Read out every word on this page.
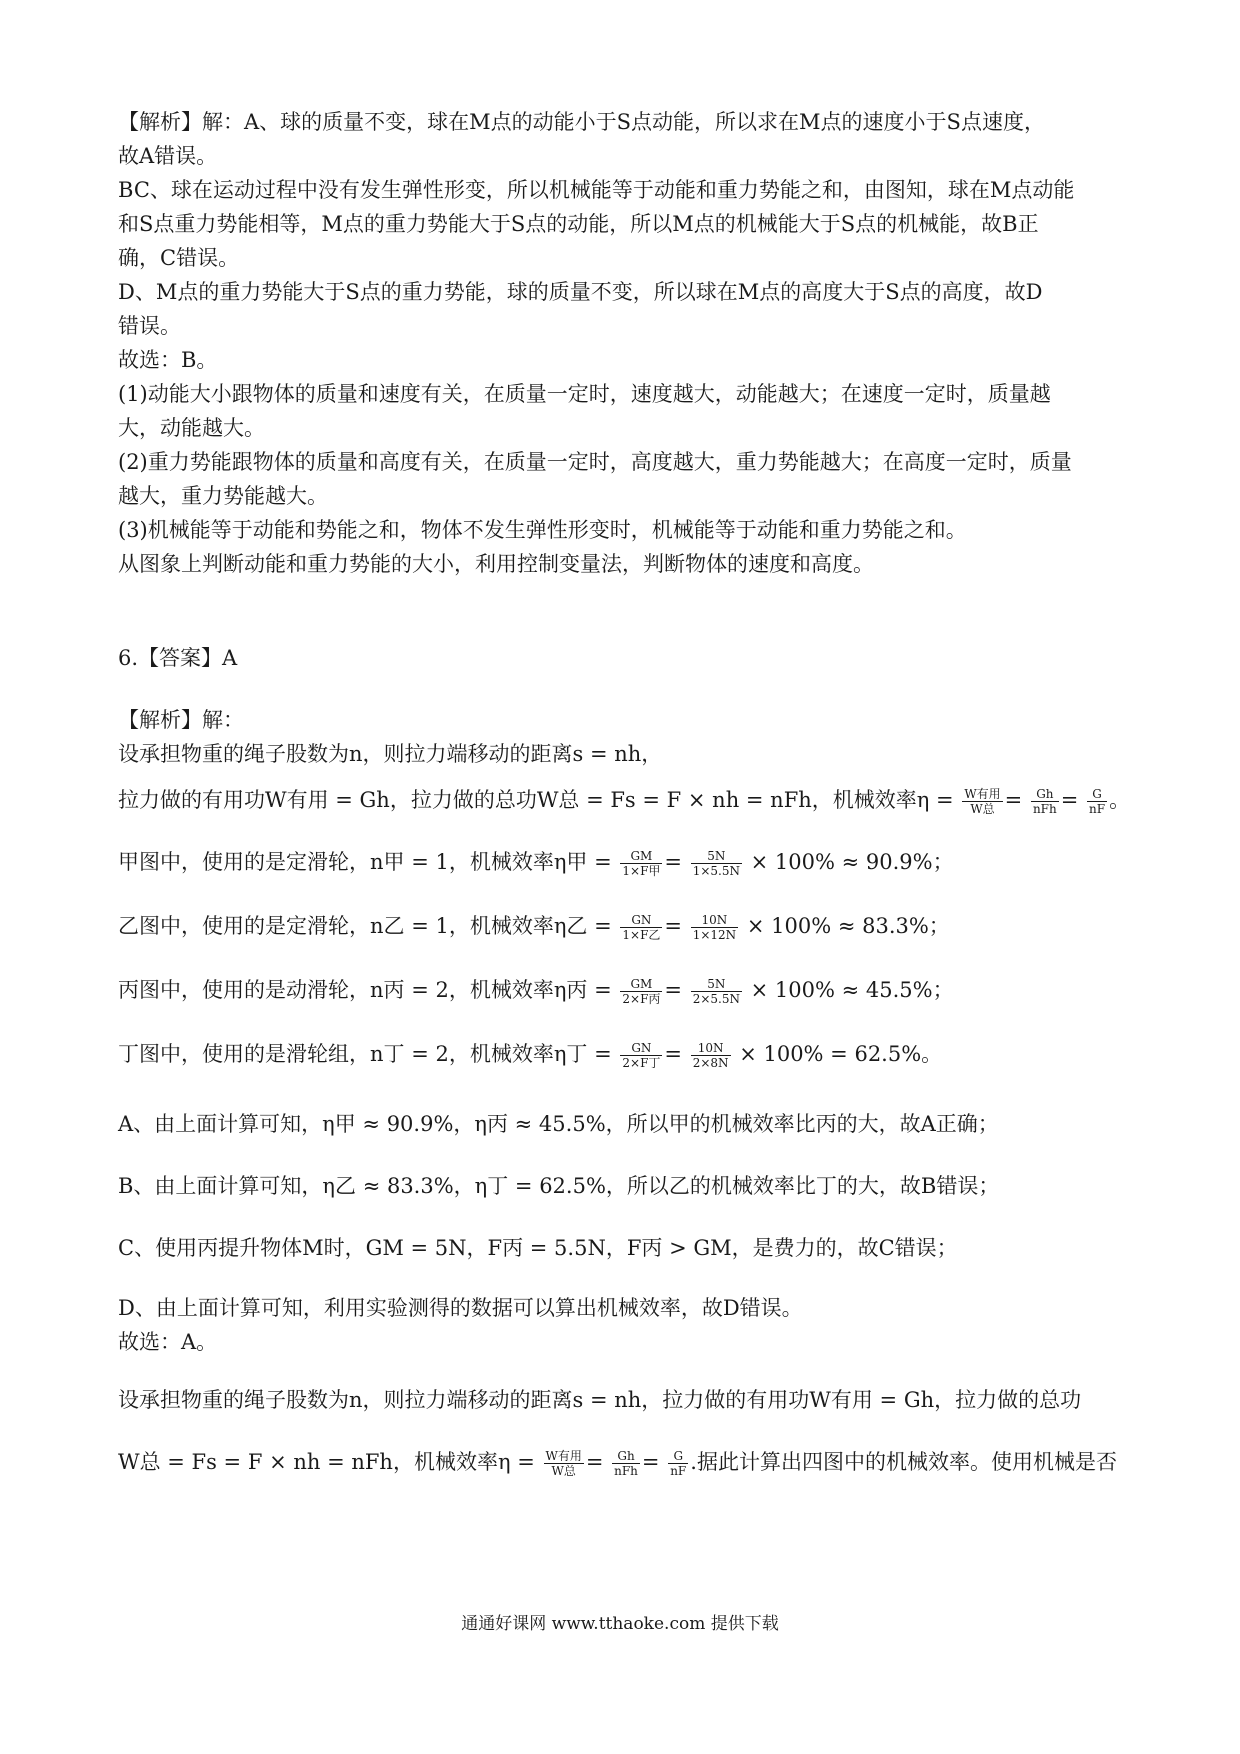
【解析】解：A、球的质量不变，球在M点的动能小于S点动能，所以求在M点的速度小于S点速度，
故A错误。
BC、球在运动过程中没有发生弹性形变，所以机械能等于动能和重力势能之和，由图知，球在M点动能
和S点重力势能相等，M点的重力势能大于S点的动能，所以M点的机械能大于S点的机械能，故B正
确，C错误。
D、M点的重力势能大于S点的重力势能，球的质量不变，所以球在M点的高度大于S点的高度，故D
错误。
故选：B。
(1)动能大小跟物体的质量和速度有关，在质量一定时，速度越大，动能越大；在速度一定时，质量越
大，动能越大。
(2)重力势能跟物体的质量和高度有关，在质量一定时，高度越大，重力势能越大；在高度一定时，质量
越大，重力势能越大。
(3)机械能等于动能和势能之和，物体不发生弹性形变时，机械能等于动能和重力势能之和。
从图象上判断动能和重力势能的大小，利用控制变量法，判断物体的速度和高度。
6.【答案】A
【解析】解：
设承担物重的绳子股数为n，则拉力端移动的距离s = nh，
拉力做的有用功W有用 = Gh，拉力做的总功W总 = Fs = F × nh = nFh，机械效率$\eta = \frac{\text{W有用}}{\text{W总}} = \frac{Gh}{\text{nFh}} = \frac{G}{nF}$ 。
甲图中，使用的是定滑轮，n甲 = 1，机械效率η甲 = $\frac{GM}{\text{1×F甲}} = \frac{5N}{1\times 5.5N} \times 100\% \approx 90.9\%$；
乙图中，使用的是定滑轮，n乙 = 1，机械效率η乙 = $\frac{GN}{\text{1×F乙}} = \frac{10N}{1\times 12N} \times 100\% \approx 83.3\%$；
丙图中，使用的是动滑轮，n丙 = 2，机械效率η丙 = $\frac{GM}{\text{2×F丙}} = \frac{5N}{2\times 5.5N} \times 100\% \approx 45.5\%$；
丁图中，使用的是滑轮组，n丁 = 2，机械效率η丁 = $\frac{GN}{\text{2×F丁}} = \frac{10N}{2\times 8N} \times 100\% = 62.5\%$。
A、由上面计算可知，η甲 ≈ 90.9%，η丙 ≈ 45.5%，所以甲的机械效率比丙的大，故A正确；
B、由上面计算可知，η乙 ≈ 83.3%，η丁 = 62.5%，所以乙的机械效率比丁的大，故B错误；
C、使用丙提升物体M时，GM = 5N，F丙 = 5.5N，F丙 > GM，是费力的，故C错误；
D、由上面计算可知，利用实验测得的数据可以算出机械效率，故D错误。
故选：A。
设承担物重的绳子股数为n，则拉力端移动的距离s = nh，拉力做的有用功W有用 = Gh，拉力做的总功
W总 = Fs = F × nh = nFh，机械效率$\eta = \frac{\text{W有用}}{\text{W总}} = \frac{Gh}{\text{nFh}} = \frac{G}{nF}$ .据此计算出四图中的机械效率。使用机械是否
通通好课网 www.tthaoke.com 提供下载
